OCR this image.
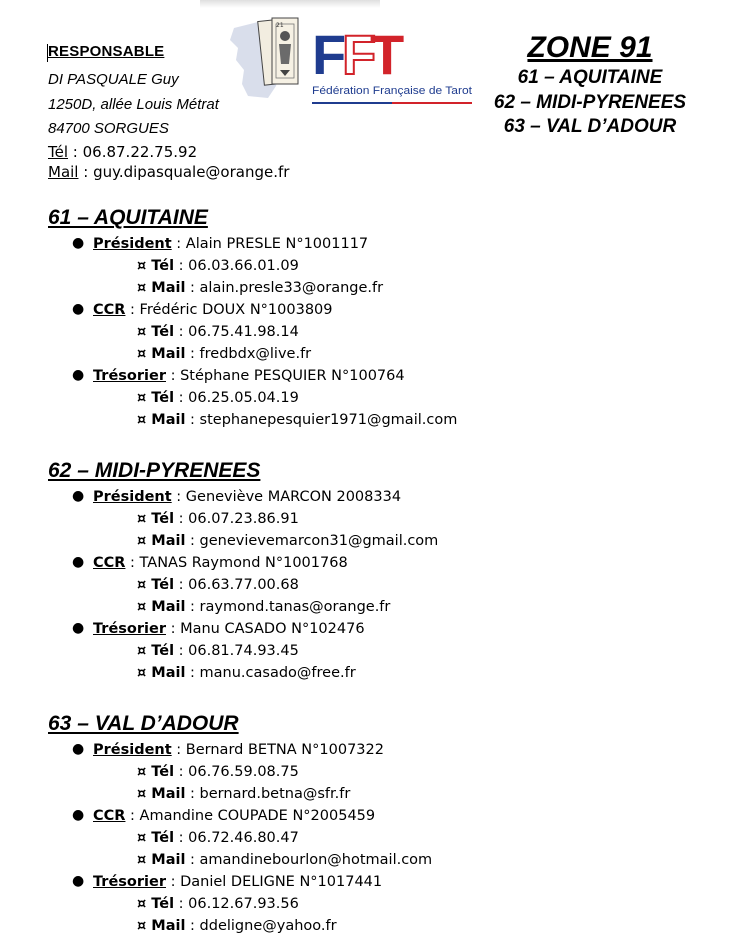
RESPONSABLE
DI PASQUALE Guy
1250D, allée Louis Métrat
84700 SORGUES
Tél : 06.87.22.75.92
Mail : guy.dipasquale@orange.fr
21 F
F
T
Fédération Française de Tarot
ZONE 91
61 – AQUITAINE
62 – MIDI-PYRENEES
63 – VAL D’ADOUR
61 – AQUITAINE
● Président : Alain PRESLE N°1001117
¤ Tél : 06.03.66.01.09
¤ Mail : alain.presle33@orange.fr
● CCR : Frédéric DOUX N°1003809
¤ Tél : 06.75.41.98.14
¤ Mail : fredbdx@live.fr
● Trésorier : Stéphane PESQUIER N°100764
¤ Tél : 06.25.05.04.19
¤ Mail : stephanepesquier1971@gmail.com
62 – MIDI-PYRENEES
● Président : Geneviève MARCON 2008334
¤ Tél : 06.07.23.86.91
¤ Mail : genevievemarcon31@gmail.com
● CCR : TANAS Raymond N°1001768
¤ Tél : 06.63.77.00.68
¤ Mail : raymond.tanas@orange.fr
● Trésorier : Manu CASADO N°102476
¤ Tél : 06.81.74.93.45
¤ Mail : manu.casado@free.fr
63 – VAL D’ADOUR
● Président : Bernard BETNA N°1007322
¤ Tél : 06.76.59.08.75
¤ Mail : bernard.betna@sfr.fr
● CCR : Amandine COUPADE N°2005459
¤ Tél : 06.72.46.80.47
¤ Mail : amandinebourlon@hotmail.com
● Trésorier : Daniel DELIGNE N°1017441
¤ Tél : 06.12.67.93.56
¤ Mail : ddeligne@yahoo.fr
